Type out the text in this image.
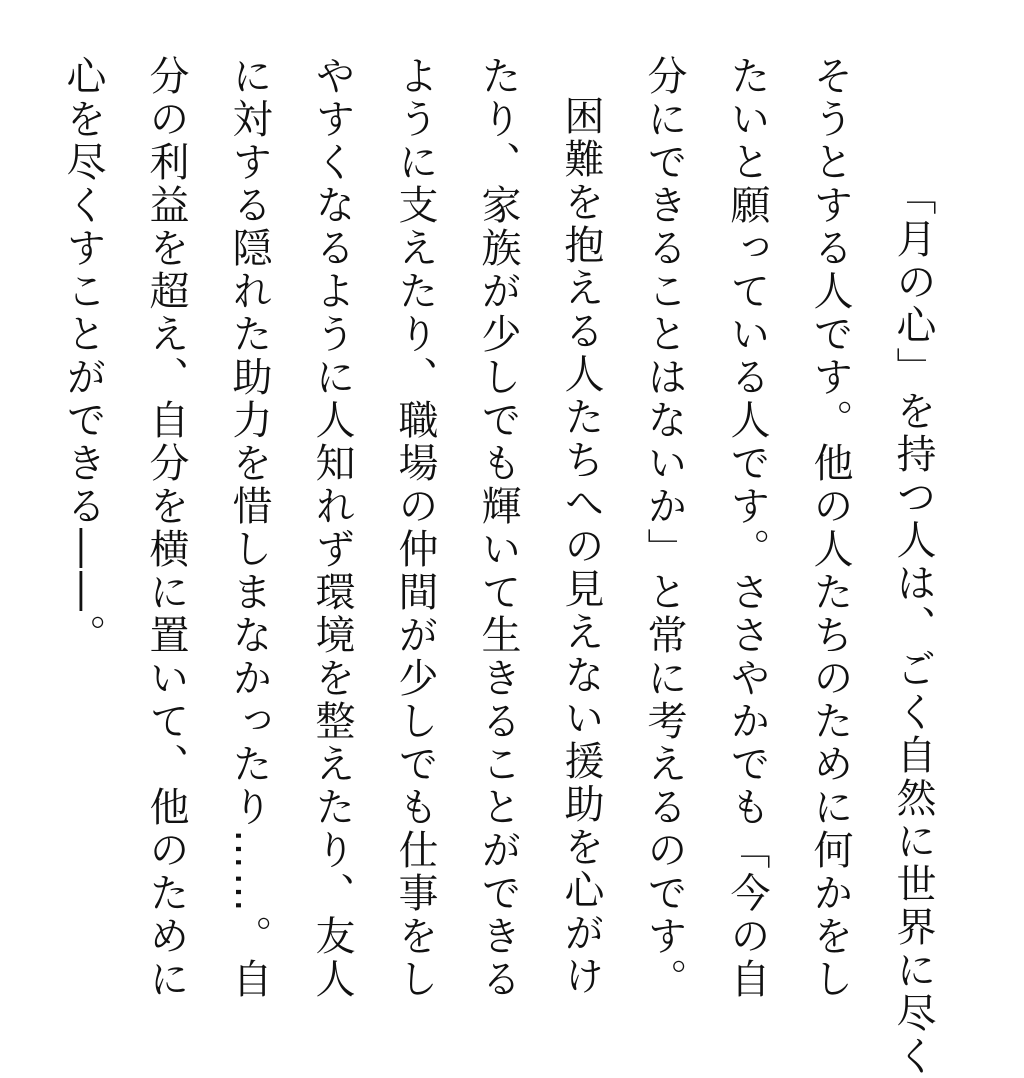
「月の心」を持つ人は、ごく自然に世界に尽く
そうとする人です。他の人たちのために何かをし
たいと願っている人です。ささやかでも「今の自
分にできることはないか」と常に考えるのです。
困難を抱える人たちへの見えない援助を心がけ
たり、家族が少しでも輝いて生きることができる
ように支えたり、職場の仲間が少しでも仕事をし
やすくなるように人知れず環境を整えたり、友人
に対する隠れた助力を惜しまなかったり……。自
分の利益を超え、自分を横に置いて、他のために
心を尽くすことができる――。
